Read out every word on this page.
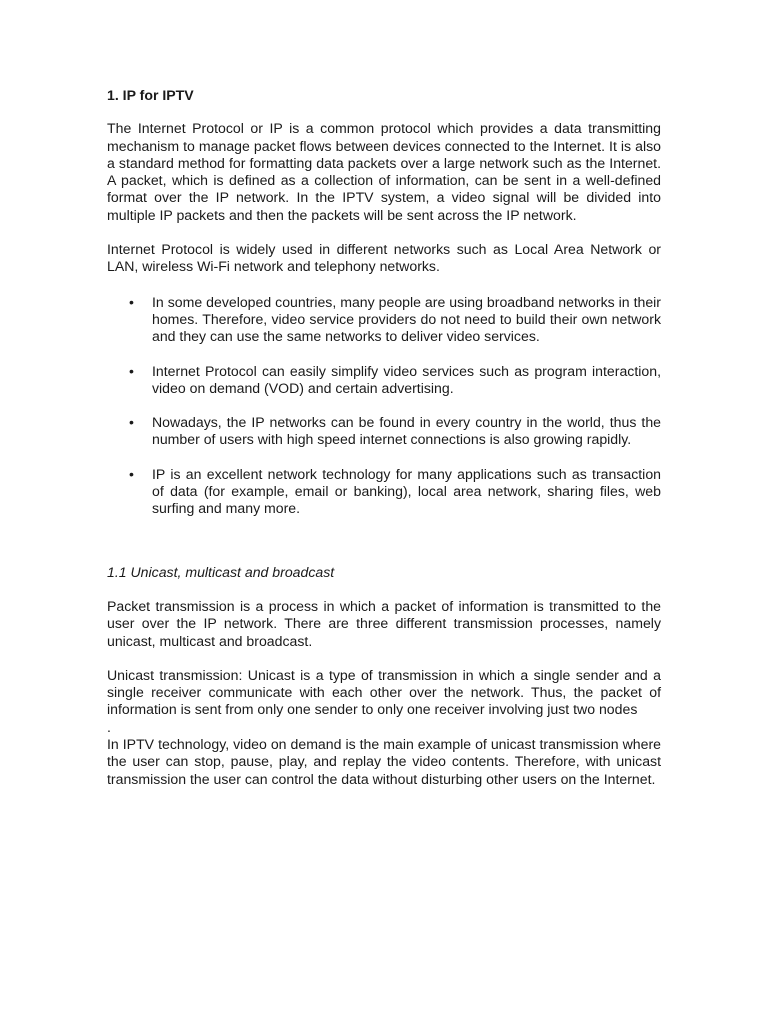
1. IP for IPTV

The Internet Protocol or IP is a common protocol which provides a data transmitting mechanism to manage packet flows between devices connected to the Internet. It is also a standard method for formatting data packets over a large network such as the Internet. A packet, which is defined as a collection of information, can be sent in a well-defined format over the IP network. In the IPTV system, a video signal will be divided into multiple IP packets and then the packets will be sent across the IP network.

Internet Protocol is widely used in different networks such as Local Area Network or LAN, wireless Wi-Fi network and telephony networks.

• In some developed countries, many people are using broadband networks in their homes. Therefore, video service providers do not need to build their own network and they can use the same networks to deliver video services.
• Internet Protocol can easily simplify video services such as program interaction, video on demand (VOD) and certain advertising.
• Nowadays, the IP networks can be found in every country in the world, thus the number of users with high speed internet connections is also growing rapidly.
• IP is an excellent network technology for many applications such as transaction of data (for example, email or banking), local area network, sharing files, web surfing and many more.
1.1 Unicast, multicast and broadcast

Packet transmission is a process in which a packet of information is transmitted to the user over the IP network. There are three different transmission processes, namely unicast, multicast and broadcast.

Unicast transmission: Unicast is a type of transmission in which a single sender and a single receiver communicate with each other over the network. Thus, the packet of information is sent from only one sender to only one receiver involving just two nodes

.

In IPTV technology, video on demand is the main example of unicast transmission where the user can stop, pause, play, and replay the video contents. Therefore, with unicast transmission the user can control the data without disturbing other users on the Internet.
